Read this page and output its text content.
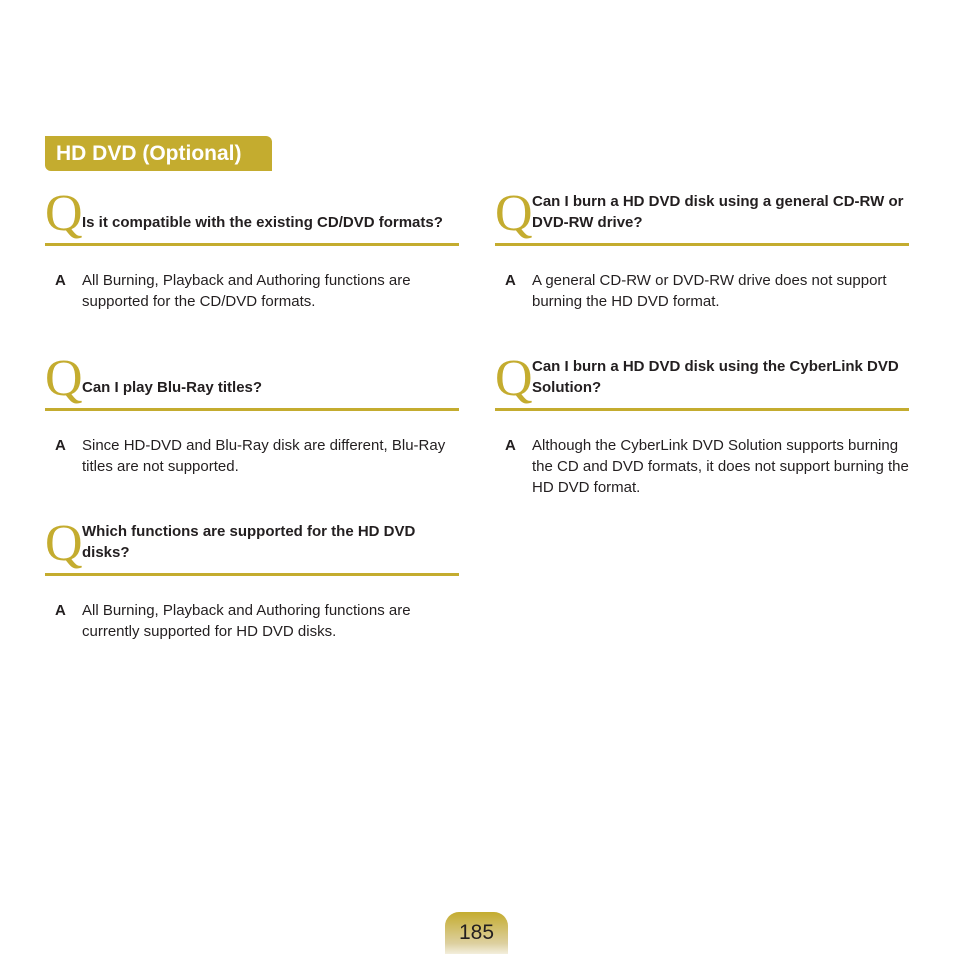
HD DVD (Optional)
Q Is it compatible with the existing CD/DVD formats?
A All Burning, Playback and Authoring functions are supported for the CD/DVD formats.
Q Can I play Blu-Ray titles?
A Since HD-DVD and Blu-Ray disk are different, Blu-Ray titles are not supported.
Q Which functions are supported for the HD DVD disks?
A All Burning, Playback and Authoring functions are currently supported for HD DVD disks.
Q Can I burn a HD DVD disk using a general CD-RW or DVD-RW drive?
A A general CD-RW or DVD-RW drive does not support burning the HD DVD format.
Q Can I burn a HD DVD disk using the CyberLink DVD Solution?
A Although the CyberLink DVD Solution supports burning the CD and DVD formats, it does not support burning the HD DVD format.
185
